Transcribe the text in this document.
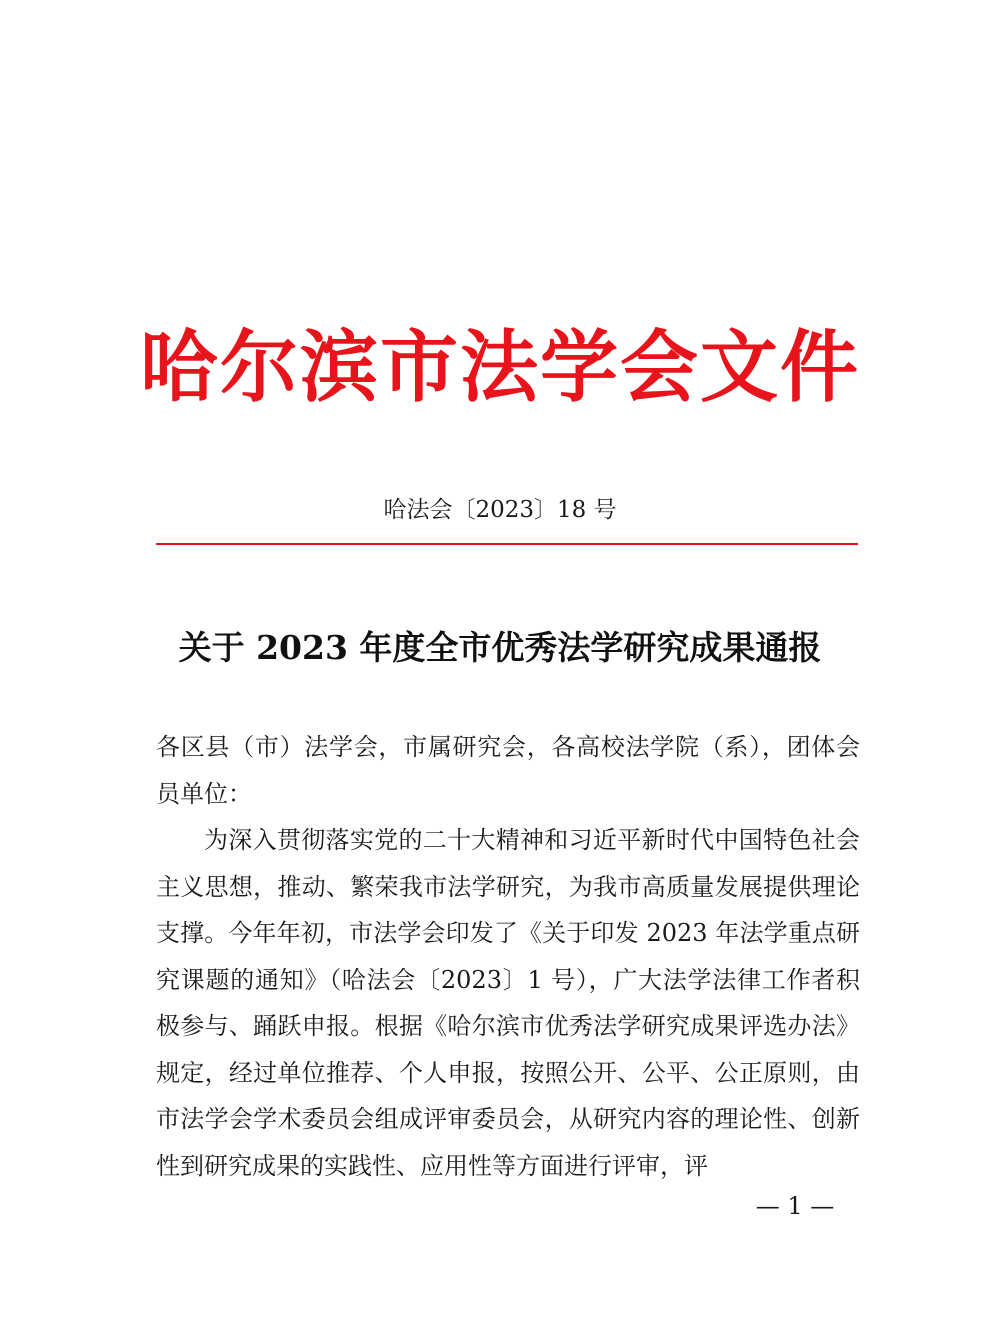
哈尔滨市法学会文件
哈法会〔2023〕18 号
关于 2023 年度全市优秀法学研究成果通报

各区县（市）法学会，市属研究会，各高校法学院（系），团体会员单位：

为深入贯彻落实党的二十大精神和习近平新时代中国特色社会主义思想，推动、繁荣我市法学研究，为我市高质量发展提供理论支撑。今年年初，市法学会印发了《关于印发 2023 年法学重点研究课题的通知》（哈法会〔2023〕1 号），广大法学法律工作者积极参与、踊跃申报。根据《哈尔滨市优秀法学研究成果评选办法》规定，经过单位推荐、个人申报，按照公开、公平、公正原则，由市法学会学术委员会组成评审委员会，从研究内容的理论性、创新性到研究成果的实践性、应用性等方面进行评审，评

— 1 —
